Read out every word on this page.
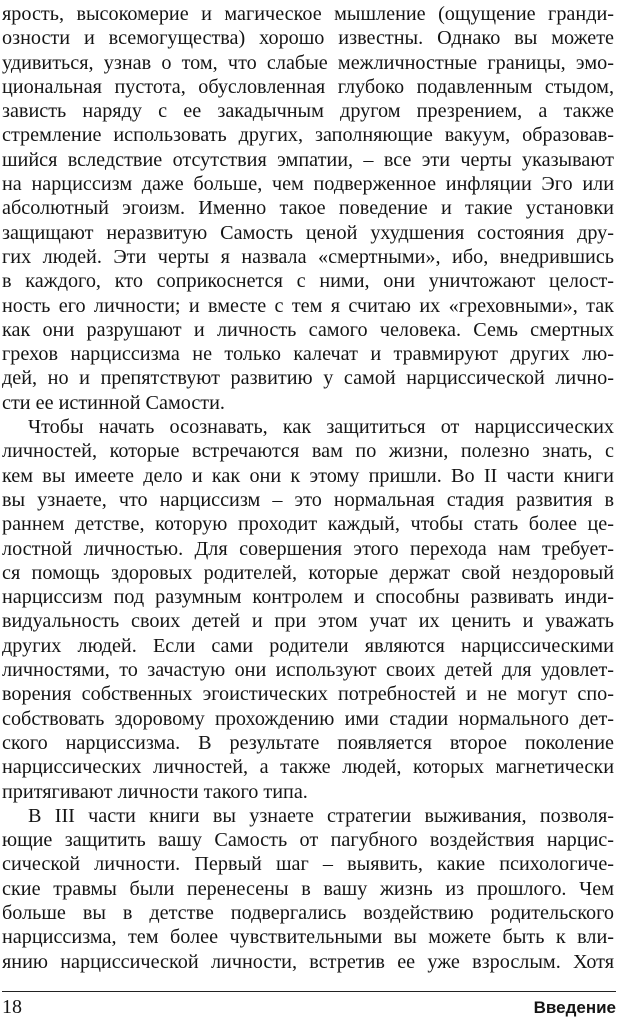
ярость, высокомерие и магическое мышление (ощущение гранди-
озности и всемогущества) хорошо известны. Однако вы можете
удивиться, узнав о том, что слабые межличностные границы, эмо-
циональная пустота, обусловленная глубоко подавленным стыдом,
зависть наряду с ее закадычным другом презрением, а также
стремление использовать других, заполняющие вакуум, образовав-
шийся вследствие отсутствия эмпатии, – все эти черты указывают
на нарциссизм даже больше, чем подверженное инфляции Эго или
абсолютный эгоизм. Именно такое поведение и такие установки
защищают неразвитую Самость ценой ухудшения состояния дру-
гих людей. Эти черты я назвала «смертными», ибо, внедрившись
в каждого, кто соприкоснется с ними, они уничтожают целост-
ность его личности; и вместе с тем я считаю их «греховными», так
как они разрушают и личность самого человека. Семь смертных
грехов нарциссизма не только калечат и травмируют других лю-
дей, но и препятствуют развитию у самой нарциссической лично-
сти ее истинной Самости.
Чтобы начать осознавать, как защититься от нарциссических
личностей, которые встречаются вам по жизни, полезно знать, с
кем вы имеете дело и как они к этому пришли. Во II части книги
вы узнаете, что нарциссизм – это нормальная стадия развития в
раннем детстве, которую проходит каждый, чтобы стать более це-
лостной личностью. Для совершения этого перехода нам требует-
ся помощь здоровых родителей, которые держат свой нездоровый
нарциссизм под разумным контролем и способны развивать инди-
видуальность своих детей и при этом учат их ценить и уважать
других людей. Если сами родители являются нарциссическими
личностями, то зачастую они используют своих детей для удовлет-
ворения собственных эгоистических потребностей и не могут спо-
собствовать здоровому прохождению ими стадии нормального дет-
ского нарциссизма. В результате появляется второе поколение
нарциссических личностей, а также людей, которых магнетически
притягивают личности такого типа.
В III части книги вы узнаете стратегии выживания, позволя-
ющие защитить вашу Самость от пагубного воздействия нарцис-
сической личности. Первый шаг – выявить, какие психологиче-
ские травмы были перенесены в вашу жизнь из прошлого. Чем
больше вы в детстве подвергались воздействию родительского
нарциссизма, тем более чувствительными вы можете быть к вли-
янию нарциссической личности, встретив ее уже взрослым. Хотя
18	Введение
